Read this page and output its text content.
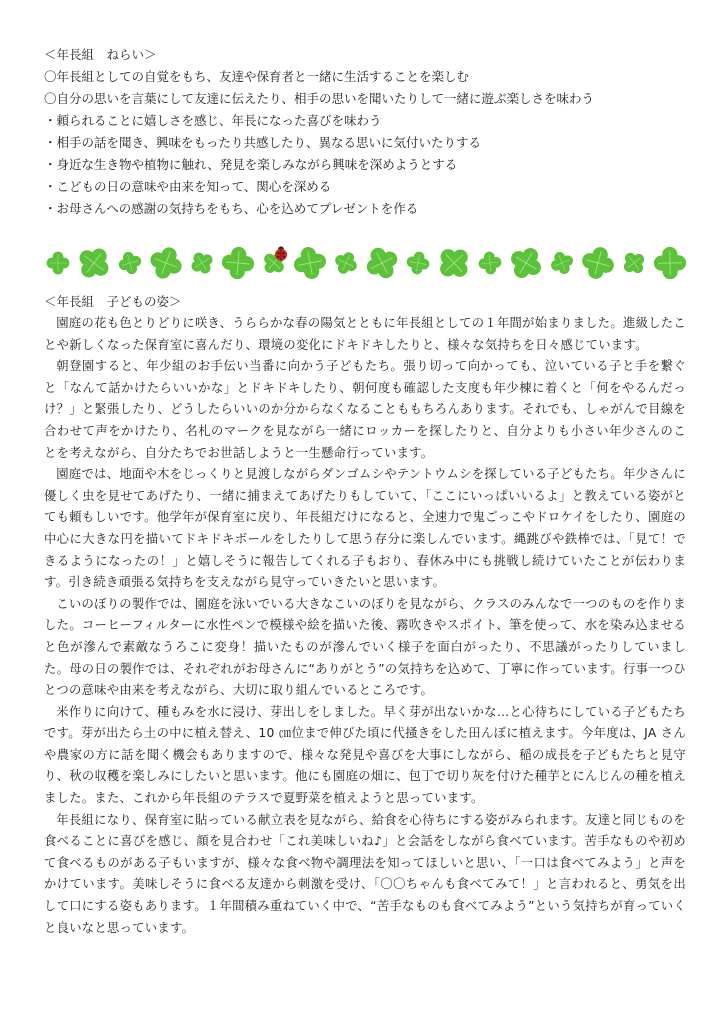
＜年長組　ねらい＞
〇年長組としての自覚をもち、友達や保育者と一緒に生活することを楽しむ
〇自分の思いを言葉にして友達に伝えたり、相手の思いを聞いたりして一緒に遊ぶ楽しさを味わう
・頼られることに嬉しさを感じ、年長になった喜びを味わう
・相手の話を聞き、興味をもったり共感したり、異なる思いに気付いたりする
・身近な生き物や植物に触れ、発見を楽しみながら興味を深めようとする
・こどもの日の意味や由来を知って、関心を深める
・お母さんへの感謝の気持ちをもち、心を込めてプレゼントを作る
＜年長組　子どもの姿＞

園庭の花も色とりどりに咲き、うららかな春の陽気とともに年長組としての１年間が始まりました。進級したことや新しくなった保育室に喜んだり、環境の変化にドキドキしたりと、様々な気持ちを日々感じています。

朝登園すると、年少組のお手伝い当番に向かう子どもたち。張り切って向かっても、泣いている子と手を繋ぐと「なんて話かけたらいいかな」とドキドキしたり、朝何度も確認した支度も年少棟に着くと「何をやるんだっけ？」と緊張したり、どうしたらいいのか分からなくなることももちろんあります。それでも、しゃがんで目線を合わせて声をかけたり、名札のマークを見ながら一緒にロッカーを探したりと、自分よりも小さい年少さんのことを考えながら、自分たちでお世話しようと一生懸命行っています。

園庭では、地面や木をじっくりと見渡しながらダンゴムシやテントウムシを探している子どもたち。年少さんに優しく虫を見せてあげたり、一緒に捕まえてあげたりもしていて、「ここにいっぱいいるよ」と教えている姿がとても頼もしいです。他学年が保育室に戻り、年長組だけになると、全速力で鬼ごっこやドロケイをしたり、園庭の中心に大きな円を描いてドキドキボールをしたりして思う存分に楽しんでいます。縄跳びや鉄棒では、「見て！できるようになったの！」と嬉しそうに報告してくれる子もおり、春休み中にも挑戦し続けていたことが伝わります。引き続き頑張る気持ちを支えながら見守っていきたいと思います。

こいのぼりの製作では、園庭を泳いでいる大きなこいのぼりを見ながら、クラスのみんなで一つのものを作りました。コーヒーフィルターに水性ペンで模様や絵を描いた後、霧吹きやスポイト、筆を使って、水を染み込ませると色が滲んで素敵なうろこに変身！描いたものが滲んでいく様子を面白がったり、不思議がったりしていました。母の日の製作では、それぞれがお母さんに“ありがとう”の気持ちを込めて、丁寧に作っています。行事一つひとつの意味や由来を考えながら、大切に取り組んでいるところです。

米作りに向けて、種もみを水に浸け、芽出しをしました。早く芽が出ないかな…と心待ちにしている子どもたちです。芽が出たら土の中に植え替え、10 ㎝位まで伸びた頃に代掻きをした田んぼに植えます。今年度は、JA さんや農家の方に話を聞く機会もありますので、様々な発見や喜びを大事にしながら、稲の成長を子どもたちと見守り、秋の収穫を楽しみにしたいと思います。他にも園庭の畑に、包丁で切り灰を付けた種芋とにんじんの種を植えました。また、これから年長組のテラスで夏野菜を植えようと思っています。

年長組になり、保育室に貼っている献立表を見ながら、給食を心待ちにする姿がみられます。友達と同じものを食べることに喜びを感じ、顔を見合わせ「これ美味しいね♪」と会話をしながら食べています。苦手なものや初めて食べるものがある子もいますが、様々な食べ物や調理法を知ってほしいと思い、「一口は食べてみよう」と声をかけています。美味しそうに食べる友達から刺激を受け、「〇〇ちゃんも食べてみて！」と言われると、勇気を出して口にする姿もあります。１年間積み重ねていく中で、“苦手なものも食べてみよう”という気持ちが育っていくと良いなと思っています。
